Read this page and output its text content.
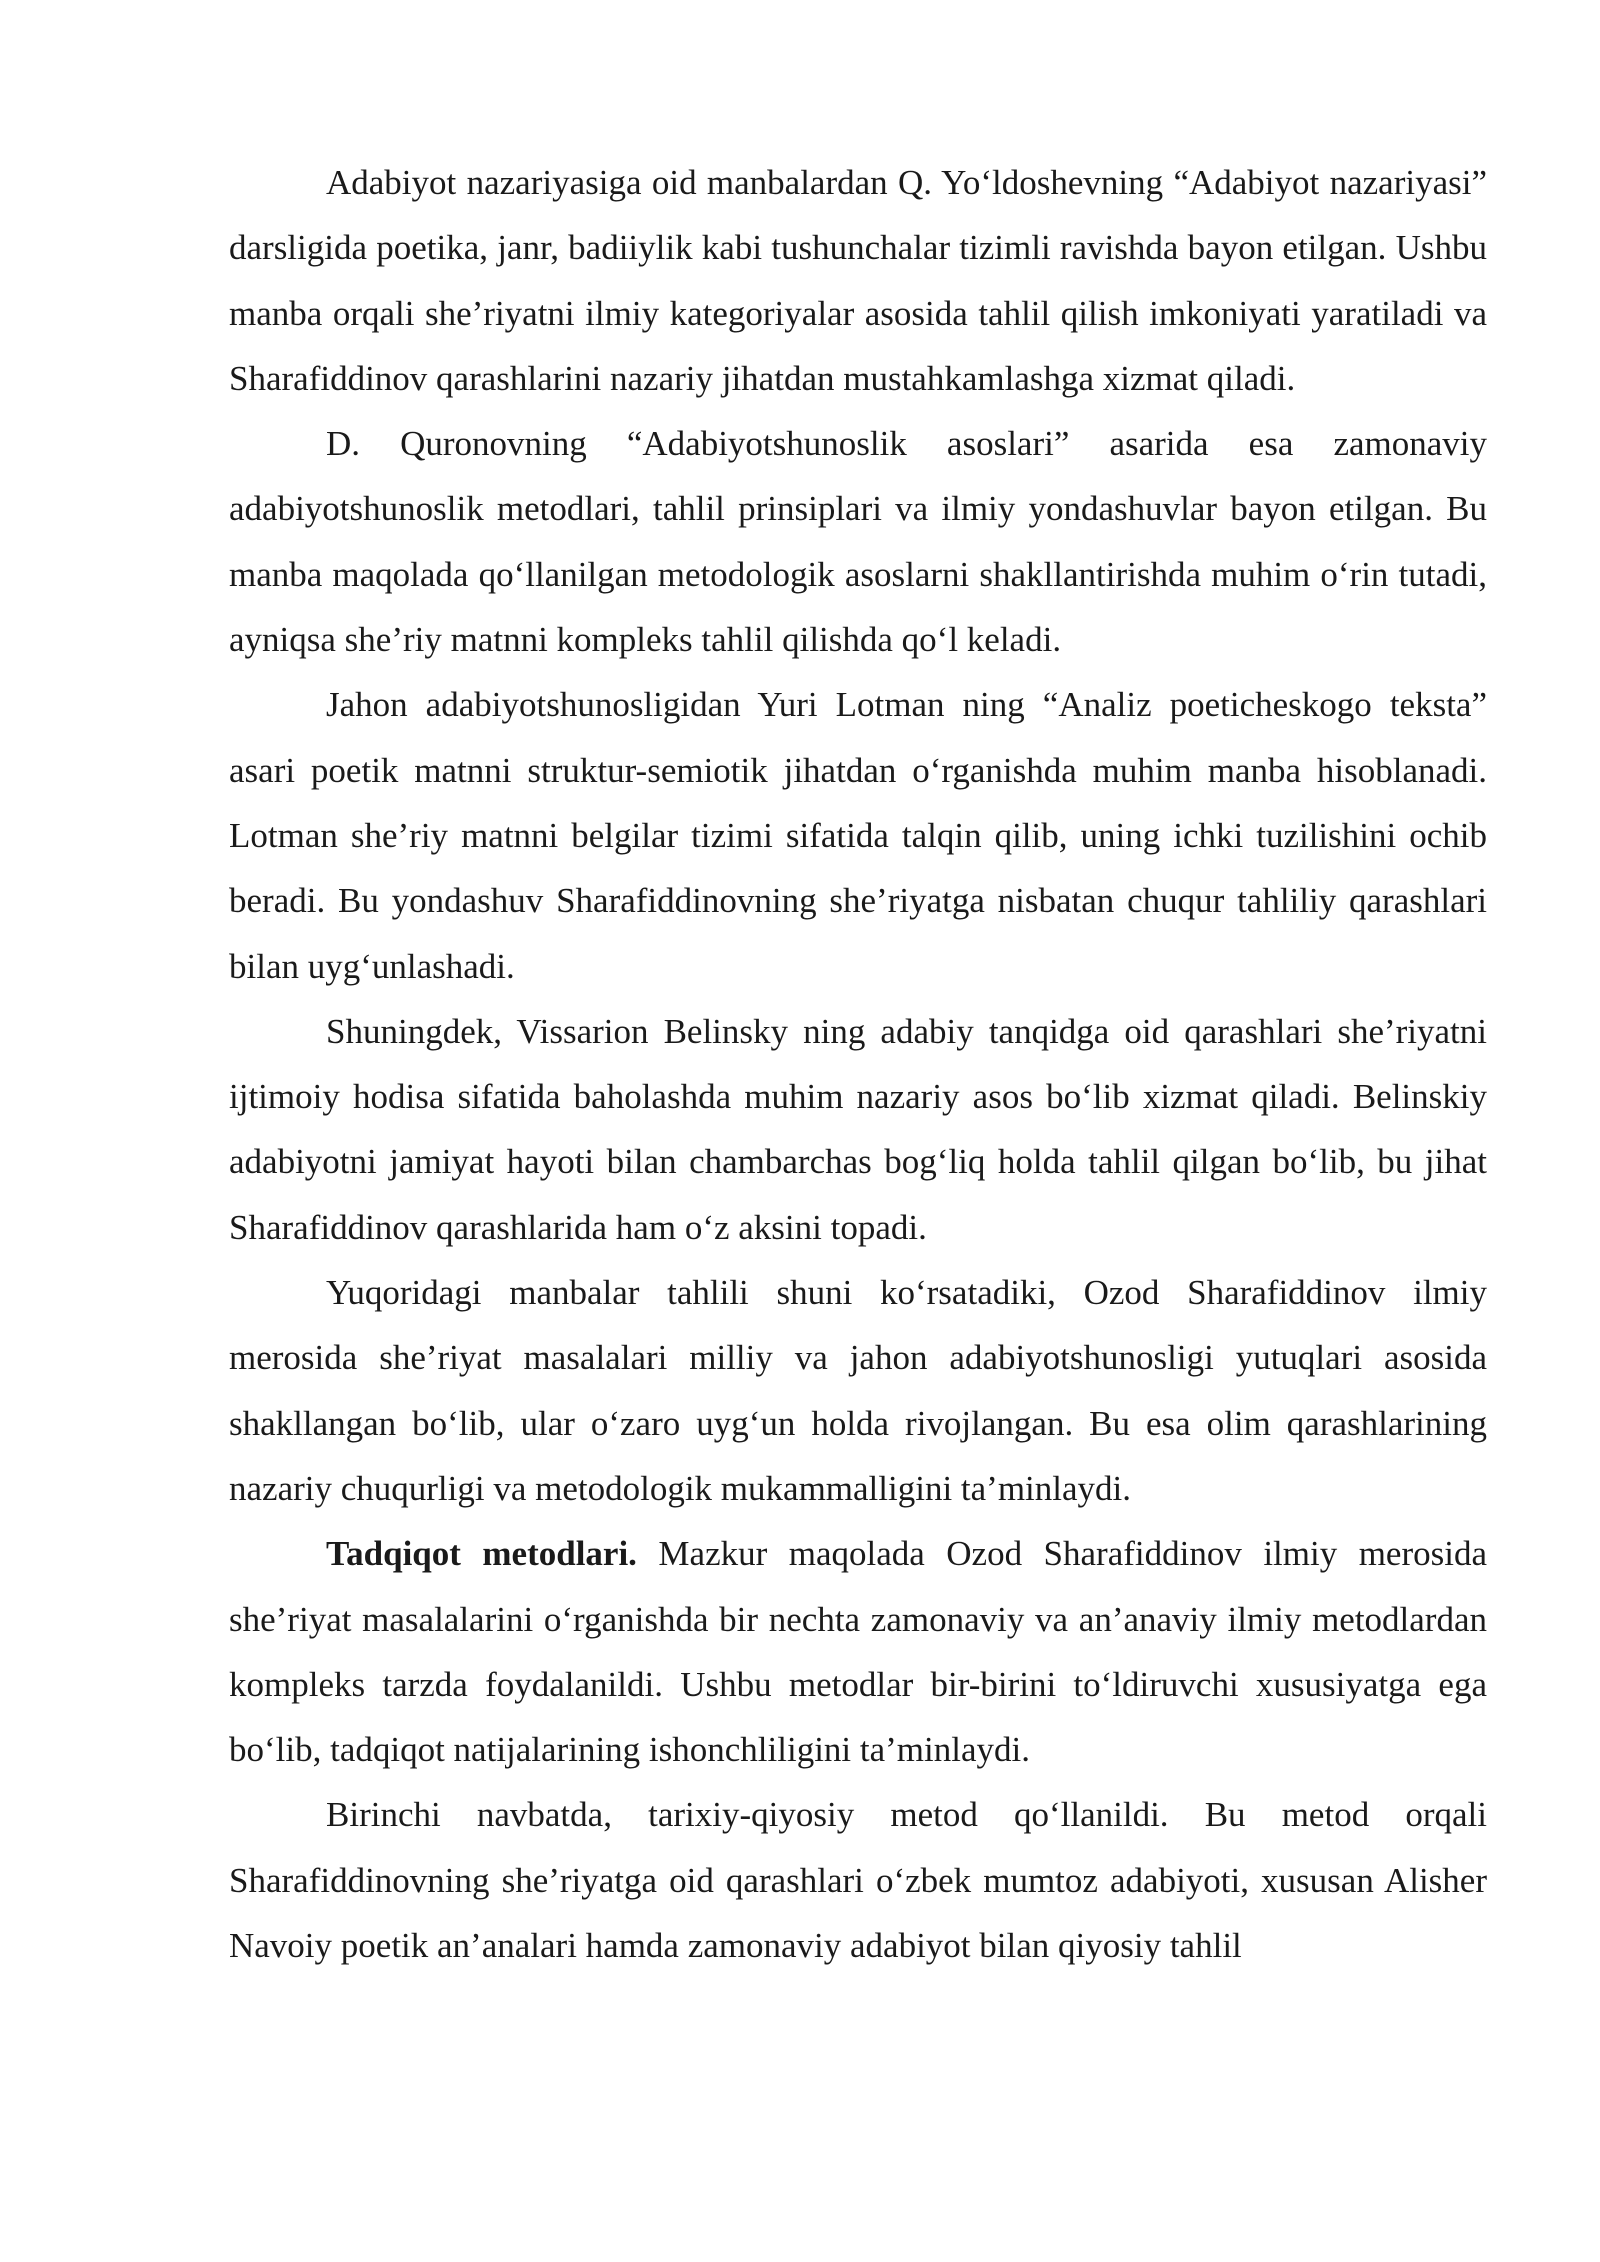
Adabiyot nazariyasiga oid manbalardan Q. Yo‘ldoshevning “Adabiyot nazariyasi” darsligida poetika, janr, badiiylik kabi tushunchalar tizimli ravishda bayon etilgan. Ushbu manba orqali she’riyatni ilmiy kategoriyalar asosida tahlil qilish imkoniyati yaratiladi va Sharafiddinov qarashlarini nazariy jihatdan mustahkamlashga xizmat qiladi.

D. Quronovning “Adabiyotshunoslik asoslari” asarida esa zamonaviy adabiyotshunoslik metodlari, tahlil prinsiplari va ilmiy yondashuvlar bayon etilgan. Bu manba maqolada qo‘llanilgan metodologik asoslarni shakllantirishda muhim o‘rin tutadi, ayniqsa she’riy matnni kompleks tahlil qilishda qo‘l keladi.

Jahon adabiyotshunosligidan Yuri Lotman ning “Analiz poeticheskogo teksta” asari poetik matnni struktur-semiotik jihatdan o‘rganishda muhim manba hisoblanadi. Lotman she’riy matnni belgilar tizimi sifatida talqin qilib, uning ichki tuzilishini ochib beradi. Bu yondashuv Sharafiddinovning she’riyatga nisbatan chuqur tahliliy qarashlari bilan uyg‘unlashadi.

Shuningdek, Vissarion Belinsky ning adabiy tanqidga oid qarashlari she’riyatni ijtimoiy hodisa sifatida baholashda muhim nazariy asos bo‘lib xizmat qiladi. Belinskiy adabiyotni jamiyat hayoti bilan chambarchas bog‘liq holda tahlil qilgan bo‘lib, bu jihat Sharafiddinov qarashlarida ham o‘z aksini topadi.

Yuqoridagi manbalar tahlili shuni ko‘rsatadiki, Ozod Sharafiddinov ilmiy merosida she’riyat masalalari milliy va jahon adabiyotshunosligi yutuqlari asosida shakllangan bo‘lib, ular o‘zaro uyg‘un holda rivojlangan. Bu esa olim qarashlarining nazariy chuqurligi va metodologik mukammalligini ta’minlaydi.

Tadqiqot metodlari. Mazkur maqolada Ozod Sharafiddinov ilmiy merosida she’riyat masalalarini o‘rganishda bir nechta zamonaviy va an’anaviy ilmiy metodlardan kompleks tarzda foydalanildi. Ushbu metodlar bir-birini to‘ldiruvchi xususiyatga ega bo‘lib, tadqiqot natijalarining ishonchliligini ta’minlaydi.

Birinchi navbatda, tarixiy-qiyosiy metod qo‘llanildi. Bu metod orqali Sharafiddinovning she’riyatga oid qarashlari o‘zbek mumtoz adabiyoti, xususan Alisher Navoiy poetik an’analari hamda zamonaviy adabiyot bilan qiyosiy tahlil
